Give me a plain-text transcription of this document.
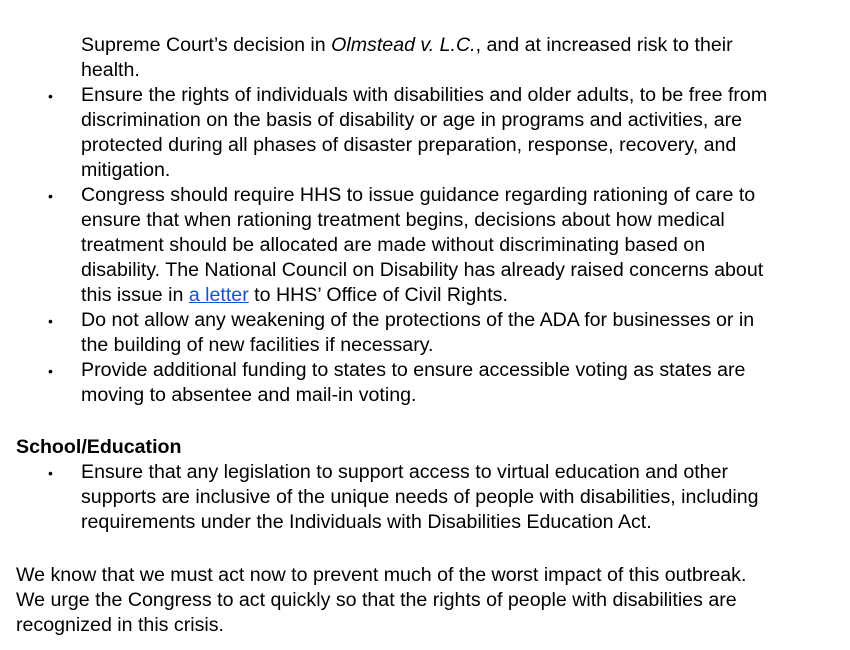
Supreme Court’s decision in Olmstead v. L.C., and at increased risk to their
health.
• Ensure the rights of individuals with disabilities and older adults, to be free from
discrimination on the basis of disability or age in programs and activities, are
protected during all phases of disaster preparation, response, recovery, and
mitigation.
• Congress should require HHS to issue guidance regarding rationing of care to
ensure that when rationing treatment begins, decisions about how medical
treatment should be allocated are made without discriminating based on
disability. The National Council on Disability has already raised concerns about
this issue in a letter to HHS’ Office of Civil Rights.
• Do not allow any weakening of the protections of the ADA for businesses or in
the building of new facilities if necessary.
• Provide additional funding to states to ensure accessible voting as states are
moving to absentee and mail-in voting.
School/Education
• Ensure that any legislation to support access to virtual education and other
supports are inclusive of the unique needs of people with disabilities, including
requirements under the Individuals with Disabilities Education Act.
We know that we must act now to prevent much of the worst impact of this outbreak.
We urge the Congress to act quickly so that the rights of people with disabilities are
recognized in this crisis.
